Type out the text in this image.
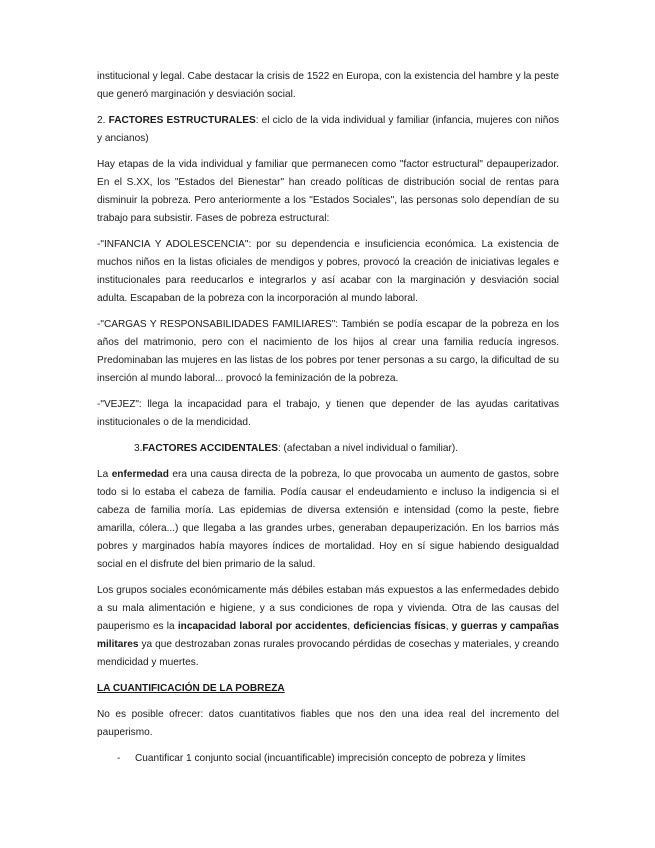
institucional y legal. Cabe destacar la crisis de 1522 en Europa, con la existencia del hambre y la peste que generó marginación y desviación social.

2. FACTORES ESTRUCTURALES: el ciclo de la vida individual y familiar (infancia, mujeres con niños y ancianos)

Hay etapas de la vida individual y familiar que permanecen como "factor estructural" depauperizador. En el S.XX, los "Estados del Bienestar" han creado políticas de distribución social de rentas para disminuir la pobreza. Pero anteriormente a los "Estados Sociales", las personas solo dependían de su trabajo para subsistir. Fases de pobreza estructural:

-"INFANCIA Y ADOLESCENCIA": por su dependencia e insuficiencia económica. La existencia de muchos niños en la listas oficiales de mendigos y pobres, provocó la creación de iniciativas legales e institucionales para reeducarlos e integrarlos y así acabar con la marginación y desviación social adulta. Escapaban de la pobreza con la incorporación al mundo laboral.

-"CARGAS Y RESPONSABILIDADES FAMILIARES": También se podía escapar de la pobreza en los años del matrimonio, pero con el nacimiento de los hijos al crear una familia reducía ingresos. Predominaban las mujeres en las listas de los pobres por tener personas a su cargo, la dificultad de su inserción al mundo laboral... provocó la feminización de la pobreza.

-"VEJEZ": llega la incapacidad para el trabajo, y tienen que depender de las ayudas caritativas institucionales o de la mendicidad.

3.FACTORES ACCIDENTALES: (afectaban a nivel individual o familiar).

La enfermedad era una causa directa de la pobreza, lo que provocaba un aumento de gastos, sobre todo si lo estaba el cabeza de familia. Podía causar el endeudamiento e incluso la indigencia si el cabeza de familia moría. Las epidemias de diversa extensión e intensidad (como la peste, fiebre amarilla, cólera...) que llegaba a las grandes urbes, generaban depauperización. En los barrios más pobres y marginados había mayores índices de mortalidad. Hoy en sí sigue habiendo desigualdad social en el disfrute del bien primario de la salud.

Los grupos sociales económicamente más débiles estaban más expuestos a las enfermedades debido a su mala alimentación e higiene, y a sus condiciones de ropa y vivienda. Otra de las causas del pauperismo es la incapacidad laboral por accidentes, deficiencias físicas, y guerras y campañas militares ya que destrozaban zonas rurales provocando pérdidas de cosechas y materiales, y creando mendicidad y muertes.

LA CUANTIFICACIÓN DE LA POBREZA

No es posible ofrecer: datos cuantitativos fiables que nos den una idea real del incremento del pauperismo.

-	Cuantificar 1 conjunto social (incuantificable) imprecisión concepto de pobreza y límites
